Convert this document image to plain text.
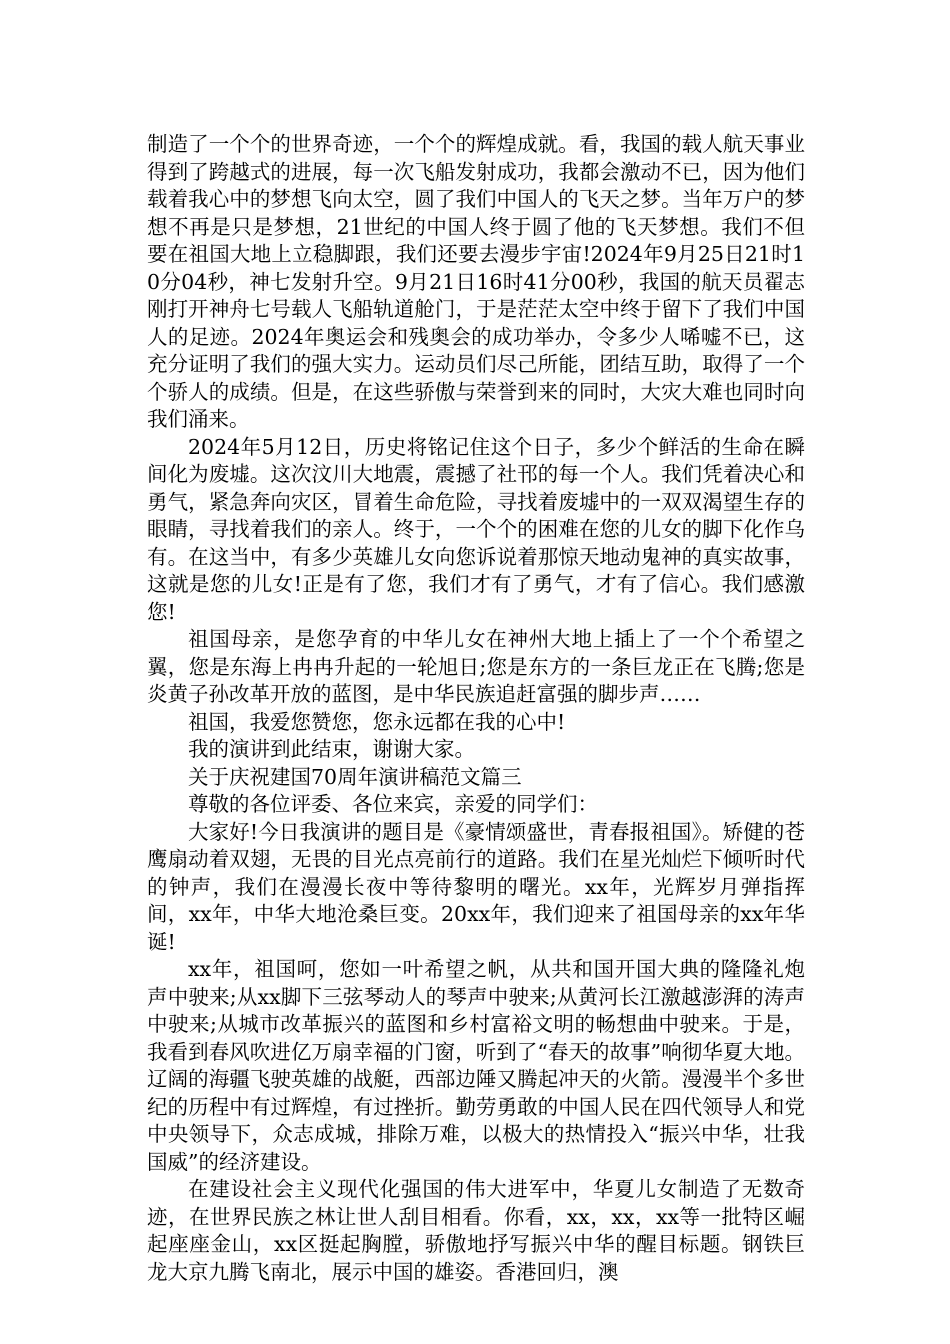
制造了一个个的世界奇迹，一个个的辉煌成就。看，我国的载人航天事业得到了跨越式的进展，每一次飞船发射成功，我都会激动不已，因为他们载着我心中的梦想飞向太空，圆了我们中国人的飞天之梦。当年万户的梦想不再是只是梦想，21世纪的中国人终于圆了他的飞天梦想。我们不但要在祖国大地上立稳脚跟，我们还要去漫步宇宙!2024年9月25日21时10分04秒，神七发射升空。9月21日16时41分00秒，我国的航天员翟志刚打开神舟七号载人飞船轨道舱门，于是茫茫太空中终于留下了我们中国人的足迹。2024年奥运会和残奥会的成功举办，令多少人唏嘘不已，这充分证明了我们的强大实力。运动员们尽己所能，团结互助，取得了一个个骄人的成绩。但是，在这些骄傲与荣誉到来的同时，大灾大难也同时向我们涌来。

2024年5月12日，历史将铭记住这个日子，多少个鲜活的生命在瞬间化为废墟。这次汶川大地震，震撼了社邗的每一个人。我们凭着决心和勇气，紧急奔向灾区，冒着生命危险，寻找着废墟中的一双双渴望生存的眼睛，寻找着我们的亲人。终于，一个个的困难在您的儿女的脚下化作乌有。在这当中，有多少英雄儿女向您诉说着那惊天地动鬼神的真实故事，这就是您的儿女!正是有了您，我们才有了勇气，才有了信心。我们感激您!

祖国母亲，是您孕育的中华儿女在神州大地上插上了一个个希望之翼，您是东海上冉冉升起的一轮旭日;您是东方的一条巨龙正在飞腾;您是炎黄子孙改革开放的蓝图，是中华民族追赶富强的脚步声……

祖国，我爱您赞您，您永远都在我的心中!

我的演讲到此结束，谢谢大家。

关于庆祝建国70周年演讲稿范文篇三

尊敬的各位评委、各位来宾，亲爱的同学们：

大家好!今日我演讲的题目是《豪情颂盛世，青春报祖国》。矫健的苍鹰扇动着双翅，无畏的目光点亮前行的道路。我们在星光灿烂下倾听时代的钟声，我们在漫漫长夜中等待黎明的曙光。xx年，光辉岁月弹指挥间，xx年，中华大地沧桑巨变。20xx年，我们迎来了祖国母亲的xx年华诞!

xx年，祖国呵，您如一叶希望之帆，从共和国开国大典的隆隆礼炮声中驶来;从xx脚下三弦琴动人的琴声中驶来;从黄河长江激越澎湃的涛声中驶来;从城市改革振兴的蓝图和乡村富裕文明的畅想曲中驶来。于是，我看到春风吹进亿万扇幸福的门窗，听到了“春天的故事”响彻华夏大地。辽阔的海疆飞驶英雄的战艇，西部边陲又腾起冲天的火箭。漫漫半个多世纪的历程中有过辉煌，有过挫折。勤劳勇敢的中国人民在四代领导人和党中央领导下，众志成城，排除万难，以极大的热情投入“振兴中华，壮我国威”的经济建设。

在建设社会主义现代化强国的伟大进军中，华夏儿女制造了无数奇迹，在世界民族之林让世人刮目相看。你看，xx，xx，xx等一批特区崛起座座金山，xx区挺起胸膛，骄傲地抒写振兴中华的醒目标题。钢铁巨龙大京九腾飞南北，展示中国的雄姿。香港回归，澳
